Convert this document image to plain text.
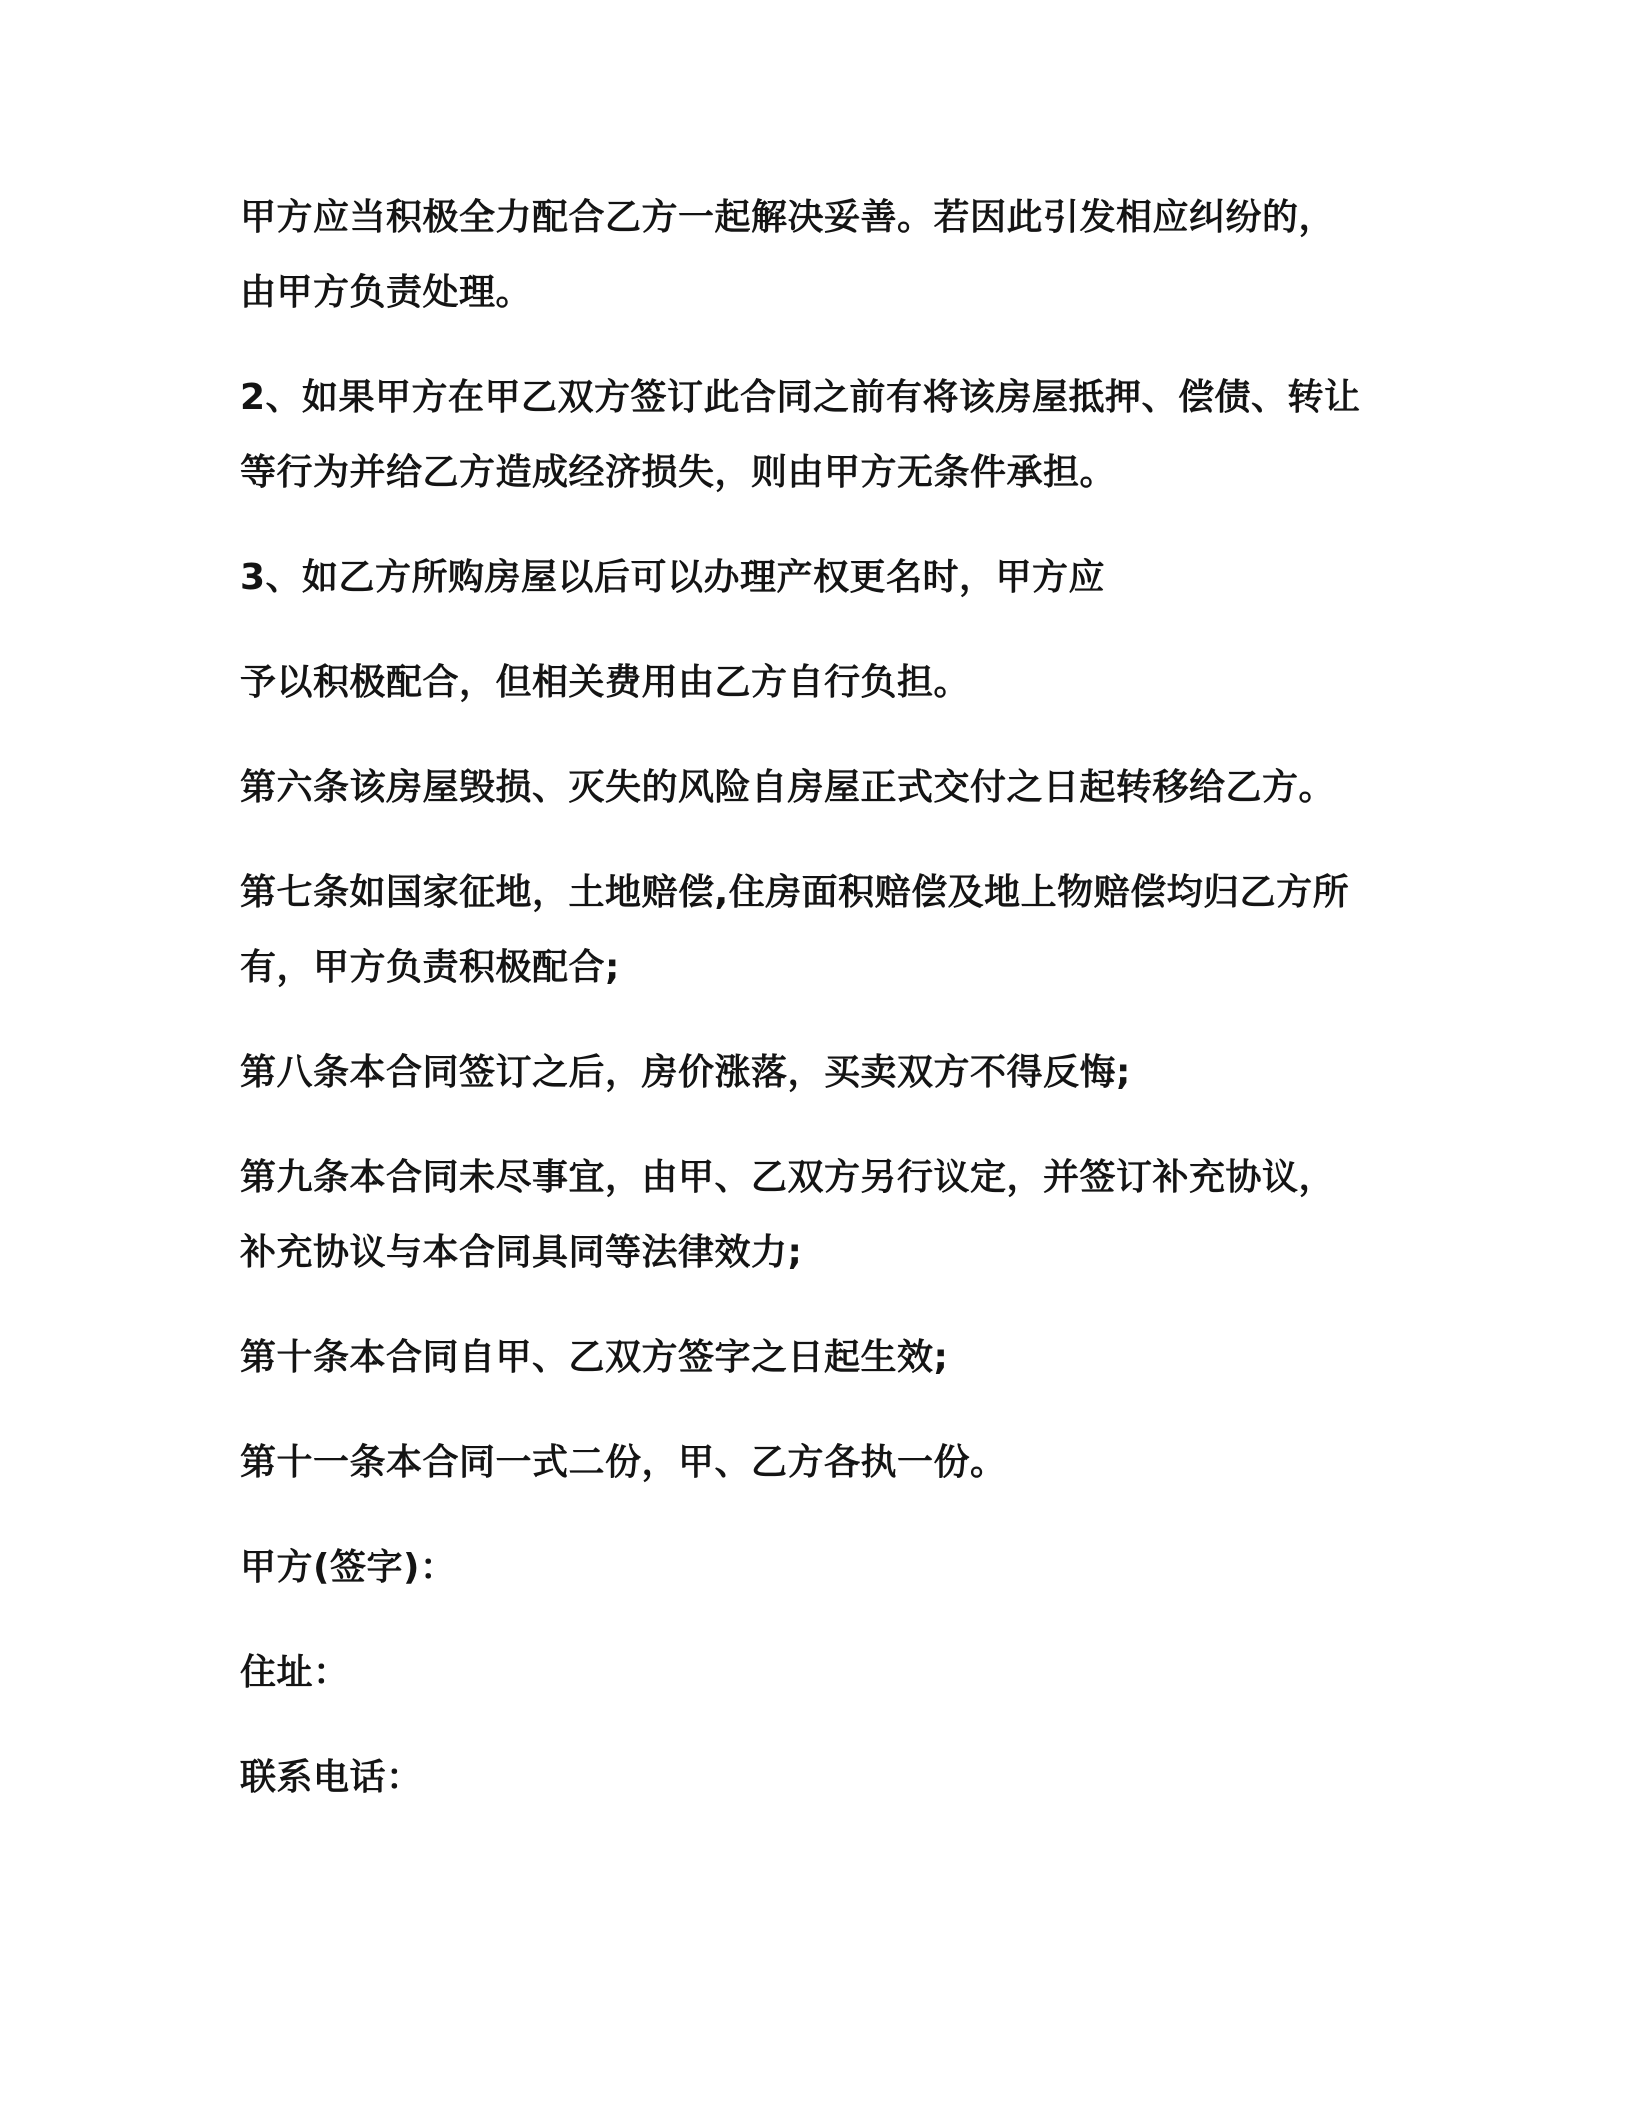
甲方应当积极全力配合乙方一起解决妥善。若因此引发相应纠纷的，
由甲方负责处理。
2、如果甲方在甲乙双方签订此合同之前有将该房屋抵押、偿债、转让
等行为并给乙方造成经济损失，则由甲方无条件承担。
3、如乙方所购房屋以后可以办理产权更名时，甲方应
予以积极配合，但相关费用由乙方自行负担。
第六条该房屋毁损、灭失的风险自房屋正式交付之日起转移给乙方。
第七条如国家征地，土地赔偿,住房面积赔偿及地上物赔偿均归乙方所
有，甲方负责积极配合;
第八条本合同签订之后，房价涨落，买卖双方不得反悔;
第九条本合同未尽事宜，由甲、乙双方另行议定，并签订补充协议，
补充协议与本合同具同等法律效力;
第十条本合同自甲、乙双方签字之日起生效;
第十一条本合同一式二份，甲、乙方各执一份。
甲方(签字)：
住址：
联系电话：
